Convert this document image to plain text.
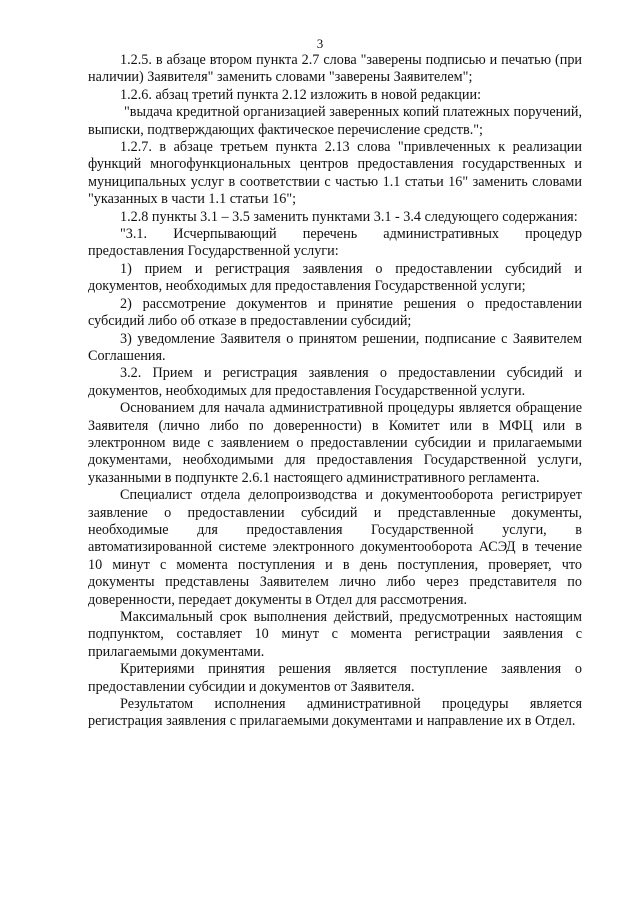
3

1.2.5. в абзаце втором пункта 2.7 слова "заверены подписью и печатью (при наличии) Заявителя" заменить словами "заверены Заявителем";

1.2.6. абзац третий пункта 2.12 изложить в новой редакции:

"выдача кредитной организацией заверенных копий платежных поручений, выписки, подтверждающих фактическое перечисление средств.";

1.2.7. в абзаце третьем пункта 2.13 слова "привлеченных к реализации функций многофункциональных центров предоставления государственных и муниципальных услуг в соответствии с частью 1.1 статьи 16" заменить словами "указанных в части 1.1 статьи 16";

1.2.8 пункты 3.1 – 3.5 заменить пунктами 3.1 - 3.4 следующего содержания:

"3.1. Исчерпывающий перечень административных процедур предоставления Государственной услуги:

1) прием и регистрация заявления о предоставлении субсидий и документов, необходимых для предоставления Государственной услуги;

2) рассмотрение документов и принятие решения о предоставлении субсидий либо об отказе в предоставлении субсидий;

3) уведомление Заявителя о принятом решении, подписание с Заявителем Соглашения.

3.2. Прием и регистрация заявления о предоставлении субсидий и документов, необходимых для предоставления Государственной услуги.

Основанием для начала административной процедуры является обращение Заявителя (лично либо по доверенности) в Комитет или в МФЦ или в электронном виде с заявлением о предоставлении субсидии и прилагаемыми документами, необходимыми для предоставления Государственной услуги, указанными в подпункте 2.6.1 настоящего административного регламента.

Специалист отдела делопроизводства и документооборота регистрирует заявление о предоставлении субсидий и представленные документы, необходимые для предоставления Государственной услуги, в автоматизированной системе электронного документооборота АСЭД в течение 10 минут с момента поступления и в день поступления, проверяет, что документы представлены Заявителем лично либо через представителя по доверенности, передает документы в Отдел для рассмотрения.

Максимальный срок выполнения действий, предусмотренных настоящим подпунктом, составляет 10 минут с момента регистрации заявления с прилагаемыми документами.

Критериями принятия решения является поступление заявления о предоставлении субсидии и документов от Заявителя.

Результатом исполнения административной процедуры является регистрация заявления с прилагаемыми документами и направление их в Отдел.
